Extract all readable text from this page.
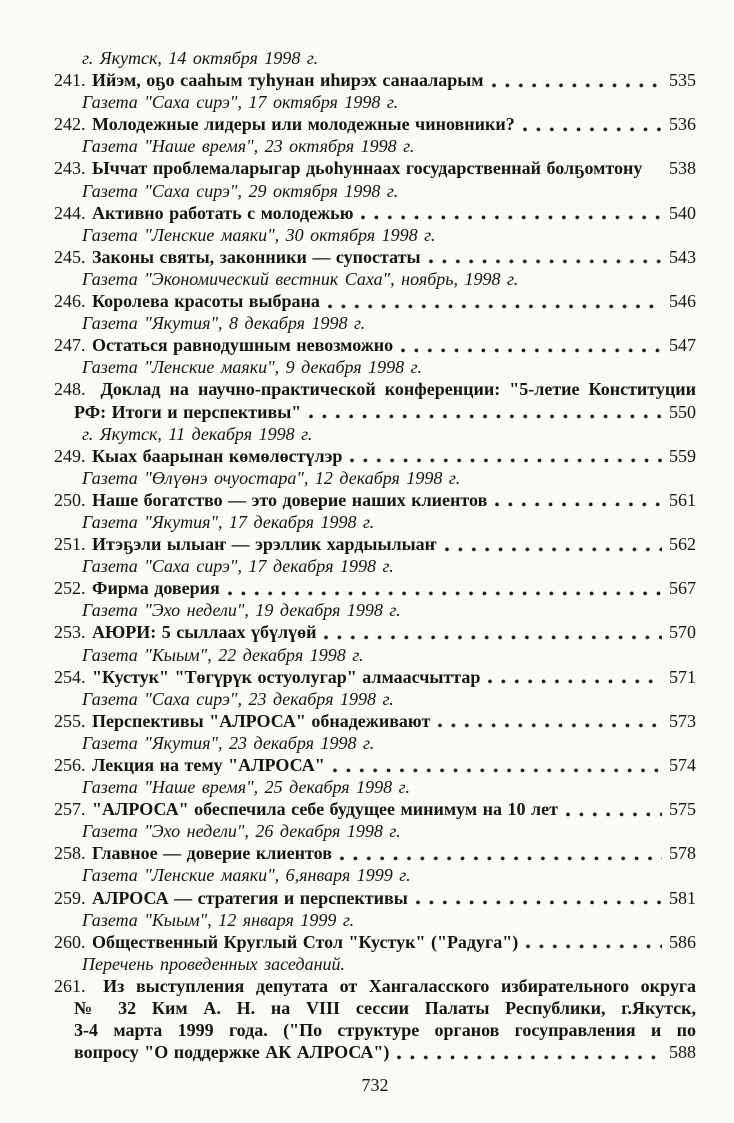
г. Якутск, 14 октября 1998 г.
241. Ийэм, оҕо сааһым туһунан иһирэх санааларым	535
Газета "Саха сирэ", 17 октября 1998 г.
242. Молодежные лидеры или молодежные чиновники?	536
Газета "Наше время", 23 октября 1998 г.
243. Ыччат проблемаларыгар дьоһуннаах государственнай болҕомтону 538
Газета "Саха сирэ", 29 октября 1998 г.
244. Активно работать с молодежью	540
Газета "Ленские маяки", 30 октября 1998 г.
245. Законы святы, законники — супостаты	543
Газета "Экономический вестник Саха", ноябрь, 1998 г.
246. Королева красоты выбрана	546
Газета "Якутия", 8 декабря 1998 г.
247. Остаться равнодушным невозможно	547
Газета "Ленские маяки", 9 декабря 1998 г.
248. Доклад на научно-практической конференции: "5-летие Конституции
РФ: Итоги и перспективы"	550
г. Якутск, 11 декабря 1998 г.
249. Кыах баарынан көмөлөстүлэр	559
Газета "Өлүөнэ очуостара", 12 декабря 1998 г.
250. Наше богатство — это доверие наших клиентов	561
Газета "Якутия", 17 декабря 1998 г.
251. Итэҕэли ылыаҥ — эрэллик хардыылыаҥ	562
Газета "Саха сирэ", 17 декабря 1998 г.
252. Фирма доверия	567
Газета "Эхо недели", 19 декабря 1998 г.
253. АЮРИ: 5 сыллаах үбүлүөй	570
Газета "Кыым", 22 декабря 1998 г.
254. "Кустук" "Төгүрүк остуолугар" алмаасчыттар	571
Газета "Саха сирэ", 23 декабря 1998 г.
255. Перспективы "АЛРОСА" обнадеживают	573
Газета "Якутия", 23 декабря 1998 г.
256. Лекция на тему "АЛРОСА"	574
Газета "Наше время", 25 декабря 1998 г.
257. "АЛРОСА" обеспечила себе будущее минимум на 10 лет	575
Газета "Эхо недели", 26 декабря 1998 г.
258. Главное — доверие клиентов	578
Газета "Ленские маяки", 6,января 1999 г.
259. АЛРОСА — стратегия и перспективы	581
Газета "Кыым", 12 января 1999 г.
260. Общественный Круглый Стол "Кустук" ("Радуга")	586
Перечень проведенных заседаний.
261. Из выступления депутата от Хангаласского избирательного округа
№ 32 Ким А. Н. на VIII сессии Палаты Республики, г.Якутск,
3-4 марта 1999 года. ("По структуре органов госуправления и по
вопросу "О поддержке АК АЛРОСА")	588
732
